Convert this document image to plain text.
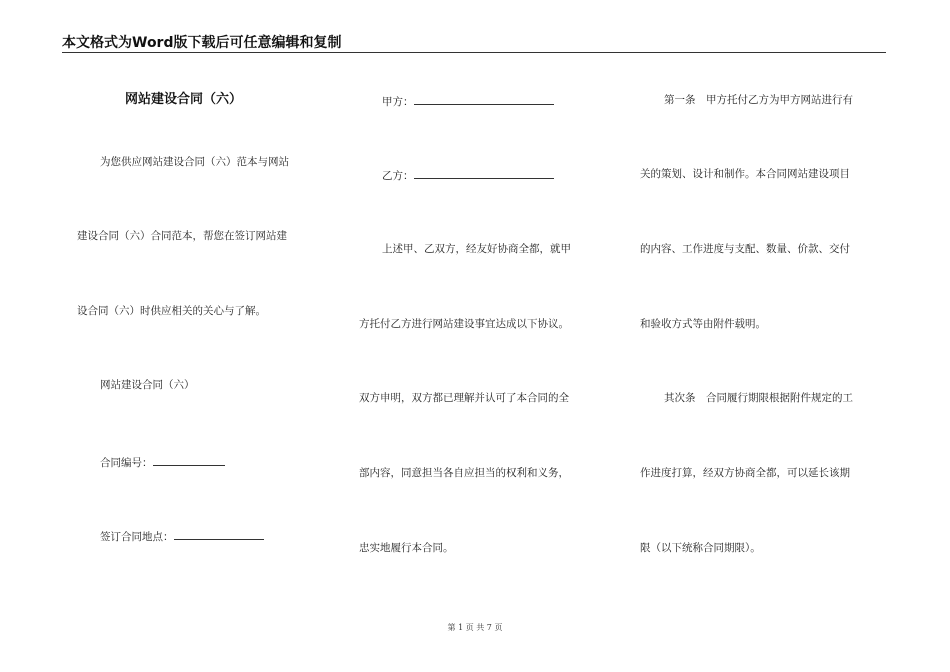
本文格式为Word版下载后可任意编辑和复制
网站建设合同（六）
为您供应网站建设合同（六）范本与网站
建设合同（六）合同范本，帮您在签订网站建
设合同（六）时供应相关的关心与了解。
网站建设合同（六）
合同编号：
签订合同地点：
甲方：
乙方：
上述甲、乙双方，经友好协商全都，就甲
方托付乙方进行网站建设事宜达成以下协议。
双方申明，双方都已理解并认可了本合同的全
部内容，同意担当各自应担当的权利和义务，
忠实地履行本合同。
第一条　甲方托付乙方为甲方网站进行有
关的策划、设计和制作。本合同网站建设项目
的内容、工作进度与支配、数量、价款、交付
和验收方式等由附件载明。
其次条　合同履行期限根据附件规定的工
作进度打算，经双方协商全都，可以延长该期
限（以下统称合同期限）。
第 1 页 共 7 页
